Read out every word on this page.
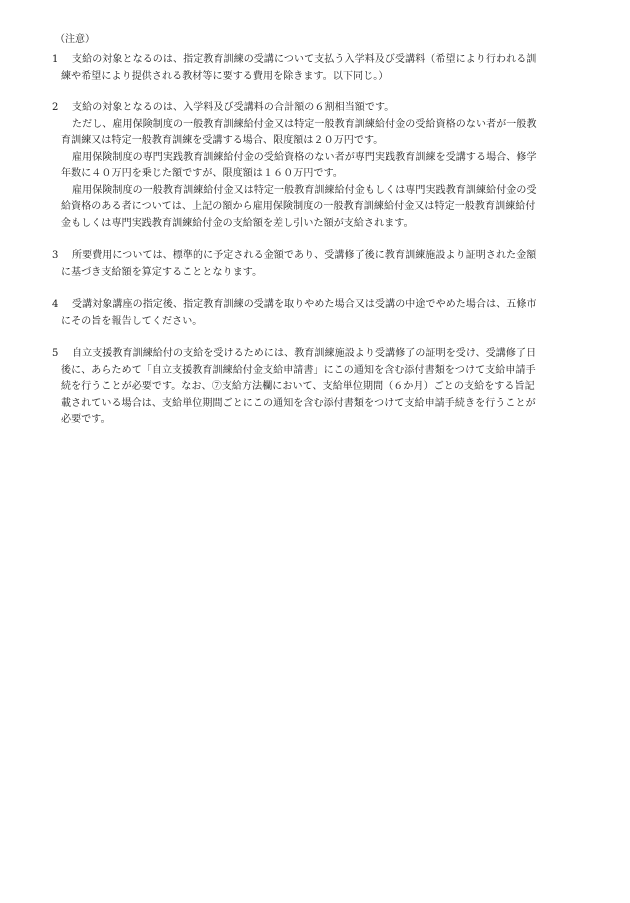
（注意）
1 支給の対象となるのは、指定教育訓練の受講について支払う入学料及び受講料（希望により行われる訓
練や希望により提供される教材等に要する費用を除きます。以下同じ。）
2 支給の対象となるのは、入学料及び受講料の合計額の６割相当額です。
ただし、雇用保険制度の一般教育訓練給付金又は特定一般教育訓練給付金の受給資格のない者が一般教
育訓練又は特定一般教育訓練を受講する場合、限度額は２０万円です。
雇用保険制度の専門実践教育訓練給付金の受給資格のない者が専門実践教育訓練を受講する場合、修学
年数に４０万円を乗じた額ですが、限度額は１６０万円です。
雇用保険制度の一般教育訓練給付金又は特定一般教育訓練給付金もしくは専門実践教育訓練給付金の受
給資格のある者については、上記の額から雇用保険制度の一般教育訓練給付金又は特定一般教育訓練給付
金もしくは専門実践教育訓練給付金の支給額を差し引いた額が支給されます。
3 所要費用については、標準的に予定される金額であり、受講修了後に教育訓練施設より証明された金額
に基づき支給額を算定することとなります。
4 受講対象講座の指定後、指定教育訓練の受講を取りやめた場合又は受講の中途でやめた場合は、五條市
にその旨を報告してください。
5 自立支援教育訓練給付の支給を受けるためには、教育訓練施設より受講修了の証明を受け、受講修了日
後に、あらためて「自立支援教育訓練給付金支給申請書」にこの通知を含む添付書類をつけて支給申請手
続を行うことが必要です。なお、⑦支給方法欄において、支給単位期間（６か月）ごとの支給をする旨記
載されている場合は、支給単位期間ごとにこの通知を含む添付書類をつけて支給申請手続きを行うことが
必要です。
